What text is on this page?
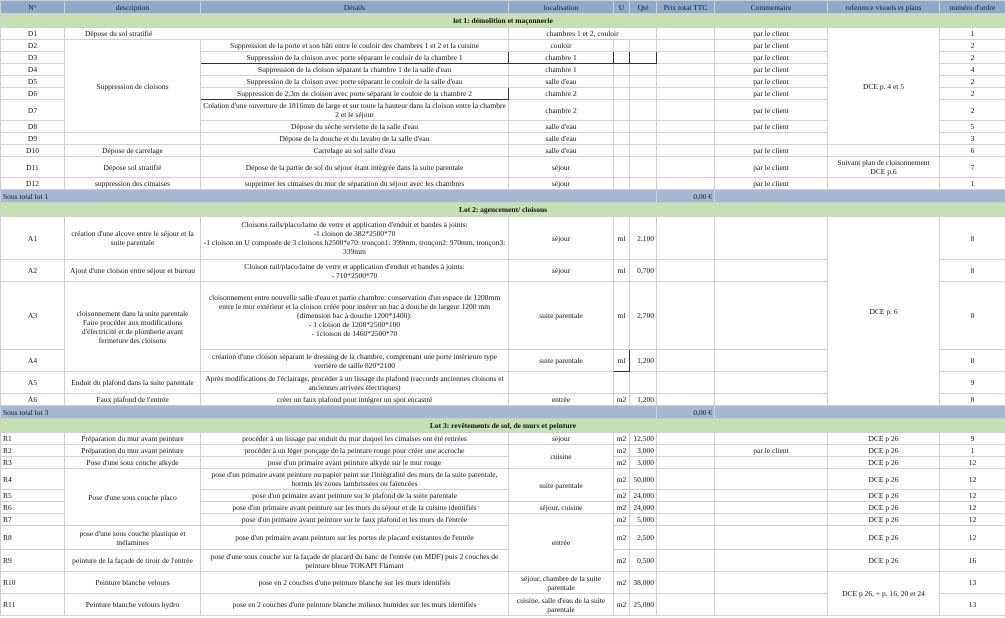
N°	description	Détails	localisation	U	Qté	Prix total TTC	Commentaire	reference visuels et plans	numéro d'ordre
lot 1: démolition et maçonnerie									
D1	Dépose du sol stratifié		chambres 1 et 2, couloir				par le client	DCE p. 4 et 5	1
D2	Suppression de cloisons	Suppression de la porte et son bâti entre le couloir des chambres 1 et 2 et la cuisine	couloir				par le client		2
D3		Suppression de la cloison avec porte séparant le couloir de la chambre 1	chambre 1				par le client		2
D4		Suppression de la cloison séparant la chambre 1 de la salle d'eau	chambre 1				par le client		4
D5		Suppression de la cloison avec porte séparant le couloir de la salle d'eau	salle d'eau				par le client		2
D6		Suppression de 2,3m de cloison avec porte séparant le couloir de la chambre 2	chambre 2				par le client		2
D7		Création d'une ouverture de 1816mm de large et sur toute la hauteur dans la cloison entre la chambre 2 et le séjour	chambre 2				par le client		2
D8		Dépose du sèche serviette de la salle d'eau	salle d'eau				par le client		5
D9		Dépose de la douche et du lavabo de la salle d'eau	salle d'eau						3
D10	Dépose de carrelage	Carrelage au sol salle d'eau	salle d'eau				par le client		6
D11	Dépose sol stratifié	Dépose de la partie de sol du séjour étant intégrée dans la suite parentale	séjour				par le client	Suivant plan de cloisonnement DCE p.6	7
D12	suppression des cimaises	supprimer les cimaises du mur de séparation du séjour avec les chambres	séjour				par le client		1
Sous total lot 1						0,00 €			
Lot 2: agencement/ cloisons									
A1	création d'une alcove entre le séjour et la suite parentale	Cloisons rails/placo/laine de verre et application d'enduit et bandes à joints:
-1 cloison de 382*2500*70
-1 cloison en U composée de 3 cloisons h2500*e70: tronçon1: 399mm, tronçon2: 970mm, tronçon3: 339mm	séjour	ml	2,100			DCE p. 6	8
A2	Ajout d'une cloison entre séjour et bureau	Cloison rail/placo/laine de verre et application d'enduit et bandes à joints:
- 710*2500*70	séjour	ml	0,700				8
A3	cloisonnement dans la suite parentale
Faire procéder aux modifications d'électricité et de plomberie avant fermeture des cloisons	cloisonnement entre nouvelle salle d'eau et partie chambre: conservation d'un espace de 1208mm entre le mur extérieur et la cloison créée pour insérer un bac à douche de largeur 1200 mm (dimension bac à douche 1200*1400):
- 1 cloison de 1208*2500*100
- 1cloison de 1460*2500*70	suite parentale	ml	2,700				8
A4		création d'une cloison séparant le dressing de la chambre, comprenant une porte intérieure type verrière de taille 820*2100	suite parentale	ml	1,200				8
A5	Enduit du plafond dans la suite parentale	Après modifications de l'éclairage, procéder à un lissage du plafond (raccords anciennes cloisons et anciennes arrivées électriques)							9
A6	Faux plafond de l'entrée	créer un faux plafond pour intégrer un spot encastré	entrée	m2	1,200				8
Sous total lot 3						0,00 €			
Lot 3: revêtements de sol, de murs et peinture									
R1	Préparation du mur avant peinture	procéder à un lissage par enduit du mur duquel les cimaises ont été retirées	séjour	m2	12,500			DCE p 26	9
R2	Préparation du mur avant peinture	procéder à un léger ponçage de la peinture rouge pour créer une accroche	cuisine	m2	3,000		par le client	DCE p 26	1
R3	Pose d'une sous couche alkyde	pose d'un primaire avant peinture alkyde sur le mur rouge		m2	3,000			DCE p 26	12
R4	Pose d'une sous couche placo	pose d'un primaire avant peinture ou papier peint sur l'intégralité des murs de la suite parentale, hormis les zones lambrissées ou faïencées	suite parentale	m2	50,000			DCE p 26	12
R5		pose d'un primaire avant peinture sur le plafond de la suite parentale		m2	24,000			DCE p 26	12
R6		pose d'un primaire avant peinture sur les murs du séjour et de la cuisine identifiés	séjour, cuisine	m2	24,000			DCE p 26	12
R7		pose d'un primaire avant peinture sur le faux plafond et les murs de l'entrée	entrée	m2	5,000			DCE p 26	12
R8	pose d'une sous couche plastique et mélamines	pose d'un primaire avant peinture sur les portes de placard existantes de l'entrée		m2	2,500			DCE p 26	12
R9	peinture de la façade de tiroir de l'entrée	pose d'une sous couche sur la façade de placard du banc de l'entrée (en MDF) puis 2 couches de peinture bleue TOKAPI Flamant		m2	0,500			DCE p 26	16
R10	Peinture blanche velours	pose en 2 couches d'une peinture blanche sur les murs identifiés	séjour, chambre de la suite parentale	m2	38,000			DCE p 26, + p. 16, 20 et 24	13
R11	Peinture blanche velours hydro	pose en 2 couches d'une peinture blanche milieux humides sur les murs identifiés	cuisine, salle d'eau de la suite parentale	m2	25,000				13
